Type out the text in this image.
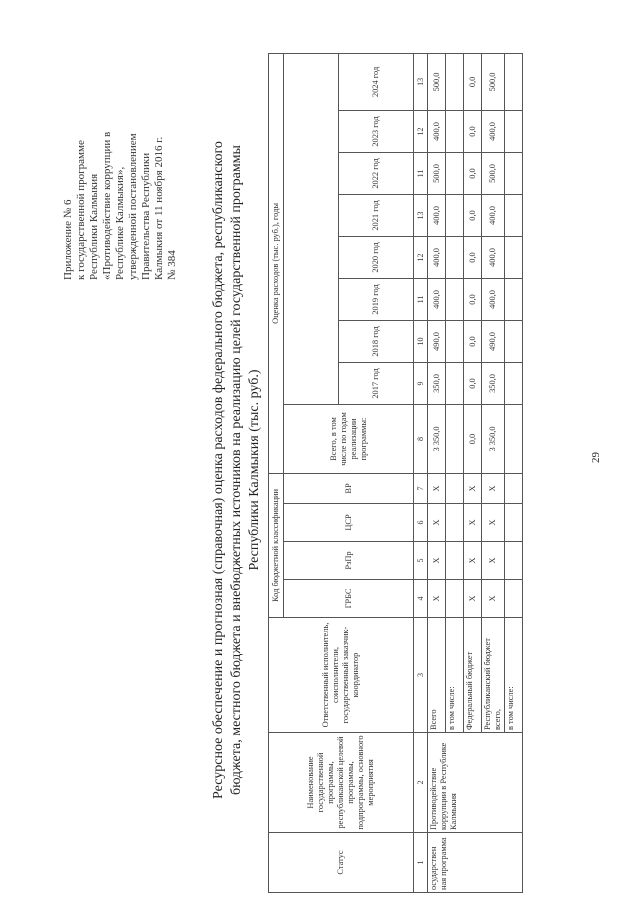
Приложение № 6 к государственной программе Республики Калмыкия «Противодействие коррупции в Республике Калмыкия», утвержденной постановлением Правительства Республики Калмыкия от 11 ноября 2016 г. № 384 Ресурсное обеспечение и прогнозная (справочная) оценка расходов федерального бюджета, республиканского бюджета, местного бюджета и внебюджетных источников на реализацию целей государственной программы Республики Калмыкия (тыс. руб.)
Статус	Наименование государственной программы, республиканской целевой программы, подпрограммы, основного мероприятия	Ответственный исполнитель, соисполнители, государственный заказчик-координатор	Код бюджетной классификации				Оценка расходов (тыс. руб.), годы								
			ГРБС	РзПр	ЦСР	ВР	Всего, в том числе по годам реализации программы:								
								2017 год	2018 год	2019 год	2020 год	2021 год	2022 год	2023 год	2024 год
1	2	3	4	5	6	7	8	9	10	11	12	13	11	12	13
осударствен ная программа	Противодействие коррупции в Республике Калмыкия	Всего	X	X	X	X	3 350,0	350,0	490,0	400,0	400,0	400,0	500,0	400,0	500,0
		в том числе:													
		Федеральный бюджет	X	X	X	X	0,0	0,0	0,0	0,0	0,0	0,0	0,0	0,0	0,0
		Республиканский бюджет всего,	X	X	X	X	3 350,0	350,0	490,0	400,0	400,0	400,0	500,0	400,0	500,0
		в том числе:													
29
